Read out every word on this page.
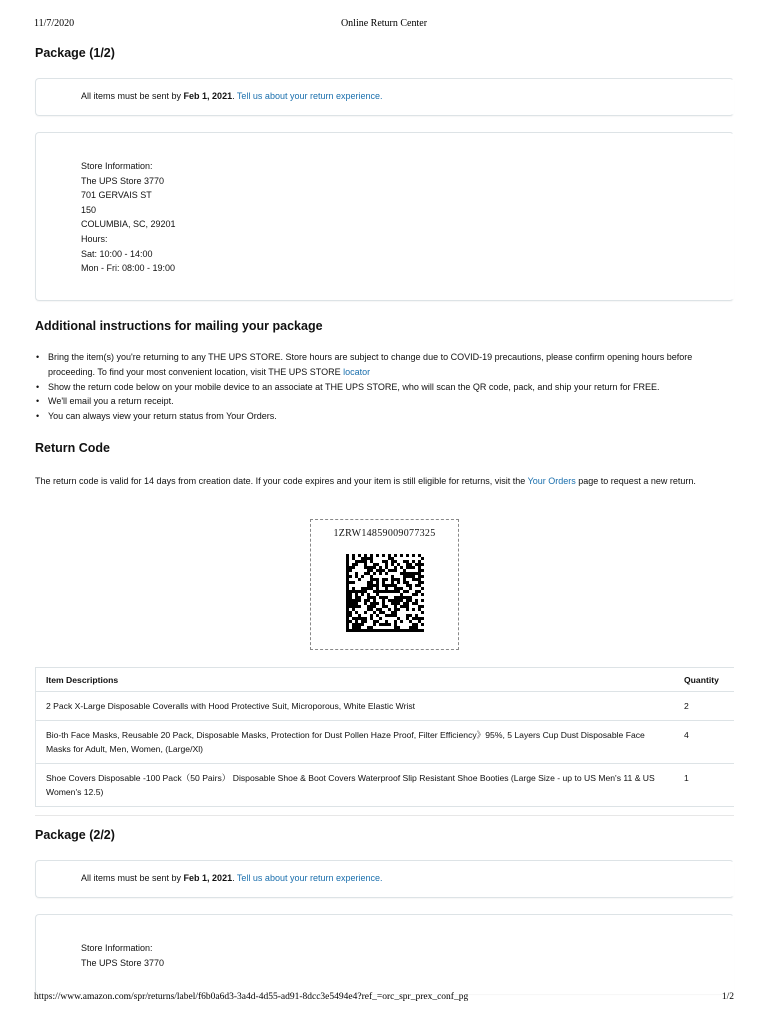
11/7/2020	Online Return Center
Package (1/2)
All items must be sent by Feb 1, 2021. Tell us about your return experience.
Store Information:
The UPS Store 3770
701 GERVAIS ST
150
COLUMBIA, SC, 29201
Hours:
Sat: 10:00 - 14:00
Mon - Fri: 08:00 - 19:00
Additional instructions for mailing your package
• Bring the item(s) you're returning to any THE UPS STORE. Store hours are subject to change due to COVID-19 precautions, please confirm opening hours before proceeding. To find your most convenient location, visit THE UPS STORE locator
• Show the return code below on your mobile device to an associate at THE UPS STORE, who will scan the QR code, pack, and ship your return for FREE.
• We'll email you a return receipt.
• You can always view your return status from Your Orders.
Return Code
The return code is valid for 14 days from creation date. If your code expires and your item is still eligible for returns, visit the Your Orders page to request a new return.
1ZRW14859009077325
Item Descriptions	Quantity
2 Pack X-Large Disposable Coveralls with Hood Protective Suit, Microporous, White Elastic Wrist	2
Bio-th Face Masks, Reusable 20 Pack, Disposable Masks, Protection for Dust Pollen Haze Proof, Filter Efficiency》95%, 5 Layers Cup Dust Disposable Face Masks for Adult, Men, Women, (Large/Xl)	4
Shoe Covers Disposable -100 Pack（50 Pairs） Disposable Shoe & Boot Covers Waterproof Slip Resistant Shoe Booties (Large Size - up to US Men's 11 & US Women's 12.5)	1
Package (2/2)
All items must be sent by Feb 1, 2021. Tell us about your return experience.
Store Information:
The UPS Store 3770
https://www.amazon.com/spr/returns/label/f6b0a6d3-3a4d-4d55-ad91-8dcc3e5494e4?ref_=orc_spr_prex_conf_pg	1/2
